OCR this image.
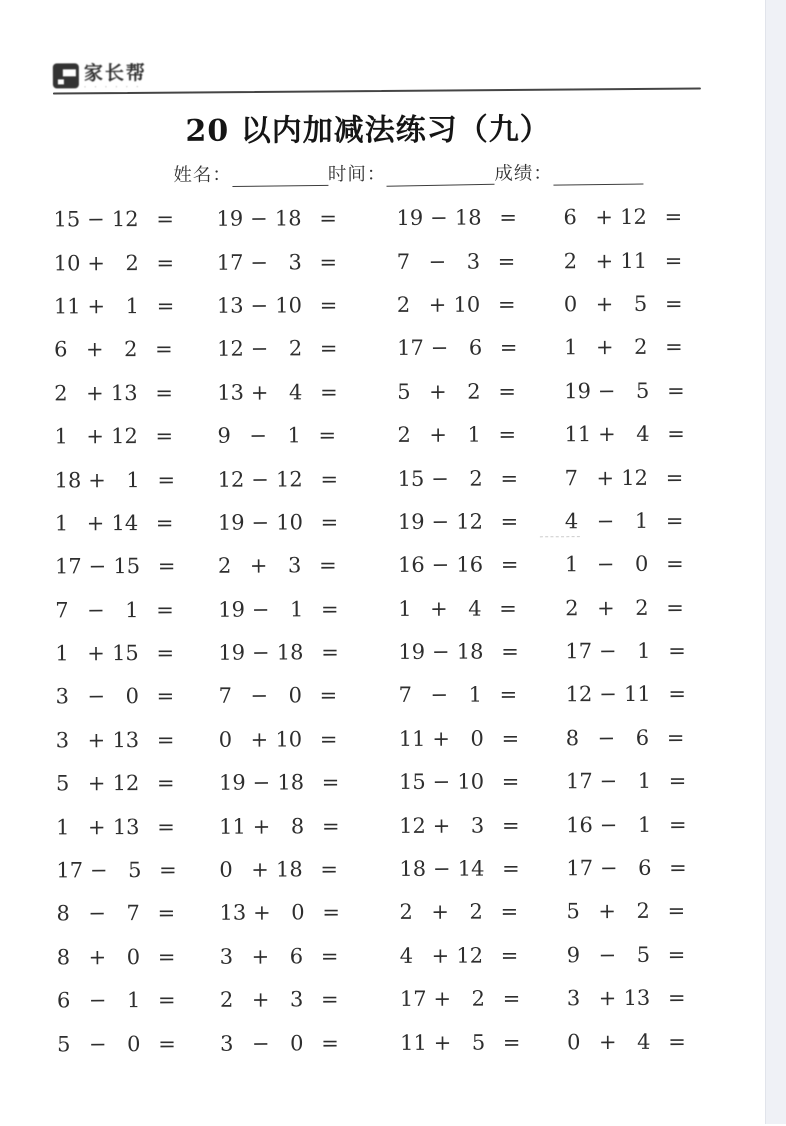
家长帮
· · · · · ·
20 以内加减法练习（九）
姓名：	时间：	成绩：
15 − 12 =	19 − 18 =	19 − 18 =	6 + 12 =
10 + 2 =	17 − 3 =	7 − 3 =	2 + 11 =
11 + 1 =	13 − 10 =	2 + 10 =	0 + 5 =
6 + 2 =	12 − 2 =	17 − 6 =	1 + 2 =
2 + 13 =	13 + 4 =	5 + 2 =	19 − 5 =
1 + 12 =	9 − 1 =	2 + 1 =	11 + 4 =
18 + 1 =	12 − 12 =	15 − 2 =	7 + 12 =
1 + 14 =	19 − 10 =	19 − 12 =	4 − 1 =
17 − 15 =	2 + 3 =	16 − 16 =	1 − 0 =
7 − 1 =	19 − 1 =	1 + 4 =	2 + 2 =
1 + 15 =	19 − 18 =	19 − 18 =	17 − 1 =
3 − 0 =	7 − 0 =	7 − 1 =	12 − 11 =
3 + 13 =	0 + 10 =	11 + 0 =	8 − 6 =
5 + 12 =	19 − 18 =	15 − 10 =	17 − 1 =
1 + 13 =	11 + 8 =	12 + 3 =	16 − 1 =
17 − 5 =	0 + 18 =	18 − 14 =	17 − 6 =
8 − 7 =	13 + 0 =	2 + 2 =	5 + 2 =
8 + 0 =	3 + 6 =	4 + 12 =	9 − 5 =
6 − 1 =	2 + 3 =	17 + 2 =	3 + 13 =
5 − 0 =	3 − 0 =	11 + 5 =	0 + 4 =
